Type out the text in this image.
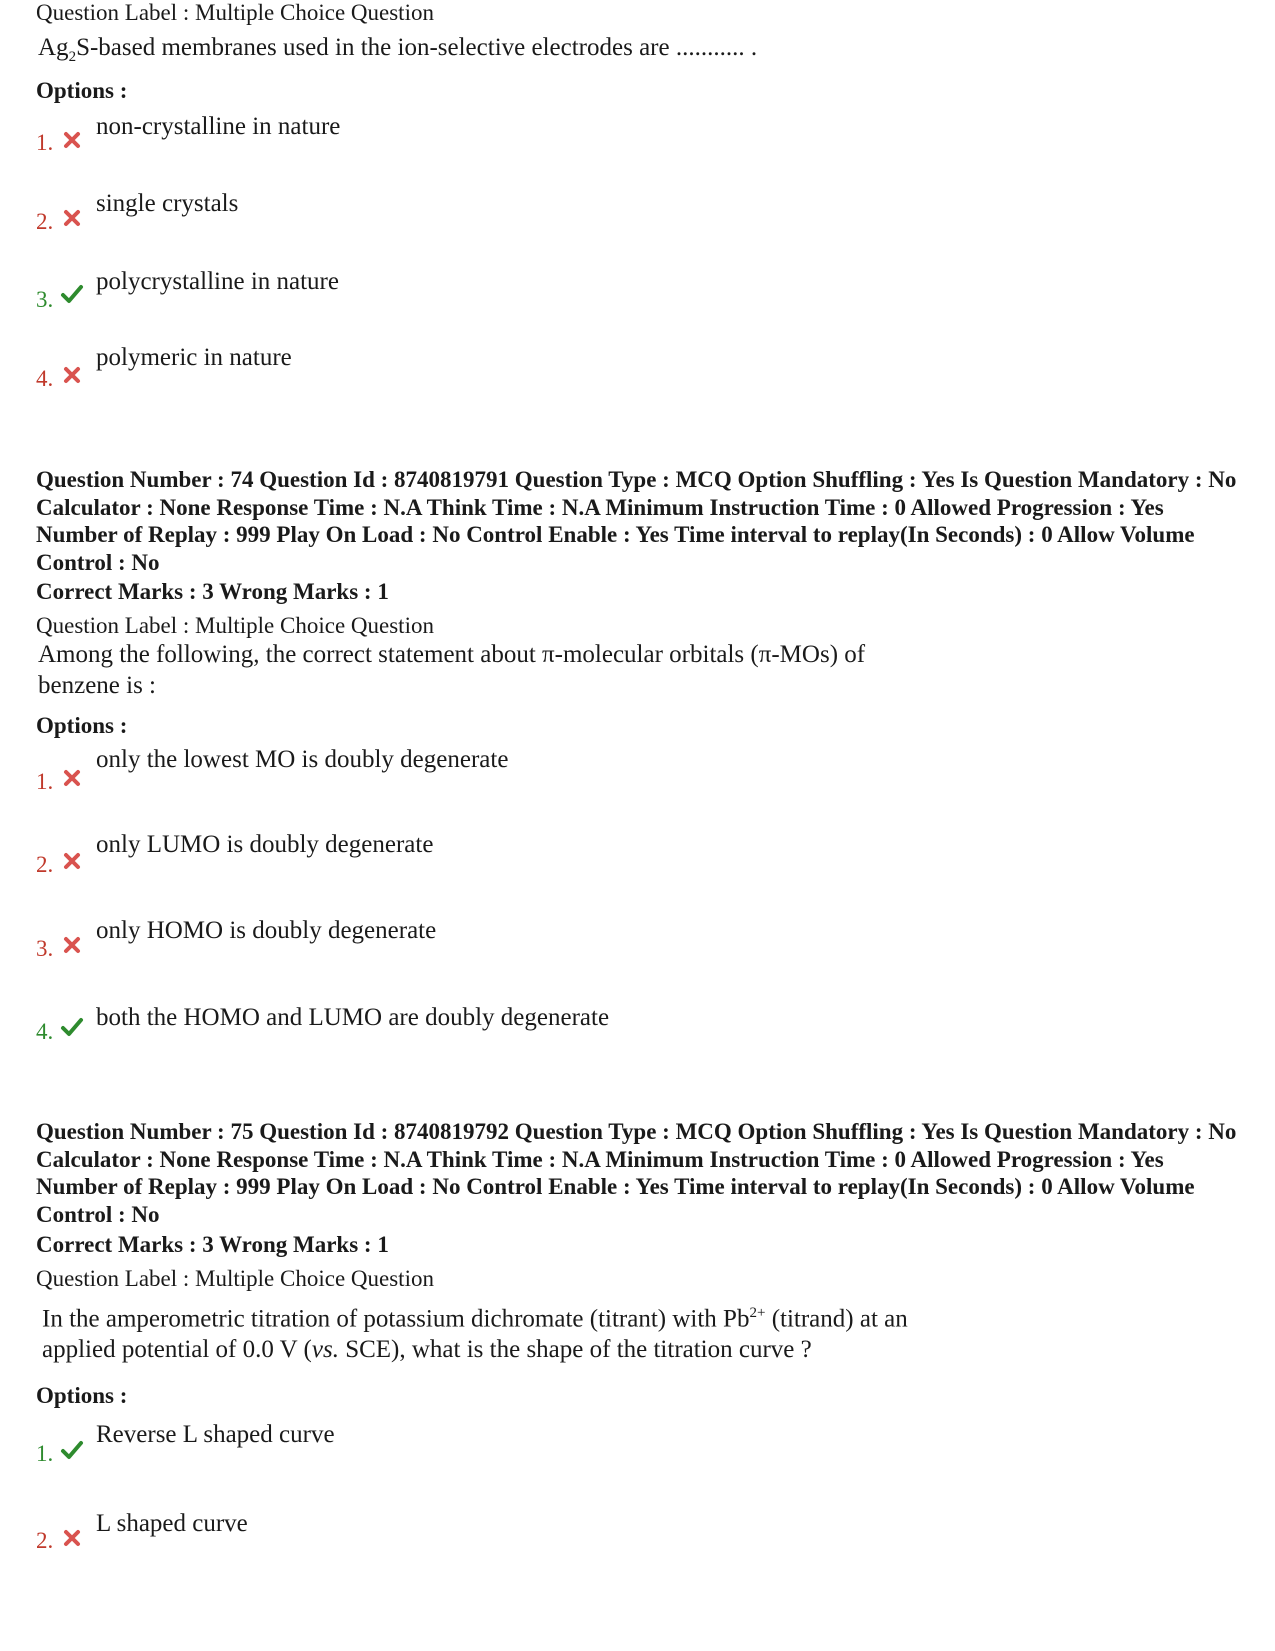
Question Label : Multiple Choice Question
$Ag_2S$-based membranes used in the ion-selective electrodes are ........... .
Options :
1.
non-crystalline in nature
2.
single crystals
3.
polycrystalline in nature
4.
polymeric in nature
Question Number : 74 Question Id : 8740819791 Question Type : MCQ Option Shuffling : Yes Is Question Mandatory : No Calculator : None Response Time : N.A Think Time : N.A Minimum Instruction Time : 0 Allowed Progression : Yes Number of Replay : 999 Play On Load : No Control Enable : Yes Time interval to replay(In Seconds) : 0 Allow Volume Control : No
Correct Marks : 3 Wrong Marks : 1
Question Label : Multiple Choice Question
Among the following, the correct statement about π-molecular orbitals (π-MOs) of
benzene is :
Options :
1.
only the lowest MO is doubly degenerate
2.
only LUMO is doubly degenerate
3.
only HOMO is doubly degenerate
4.
both the HOMO and LUMO are doubly degenerate
Question Number : 75 Question Id : 8740819792 Question Type : MCQ Option Shuffling : Yes Is Question Mandatory : No Calculator : None Response Time : N.A Think Time : N.A Minimum Instruction Time : 0 Allowed Progression : Yes Number of Replay : 999 Play On Load : No Control Enable : Yes Time interval to replay(In Seconds) : 0 Allow Volume Control : No
Correct Marks : 3 Wrong Marks : 1
Question Label : Multiple Choice Question
In the amperometric titration of potassium dichromate (titrant) with $Pb^{2+}$ (titrand) at an
applied potential of 0.0 V (vs. SCE), what is the shape of the titration curve ?
Options :
1.
Reverse L shaped curve
2.
L shaped curve
